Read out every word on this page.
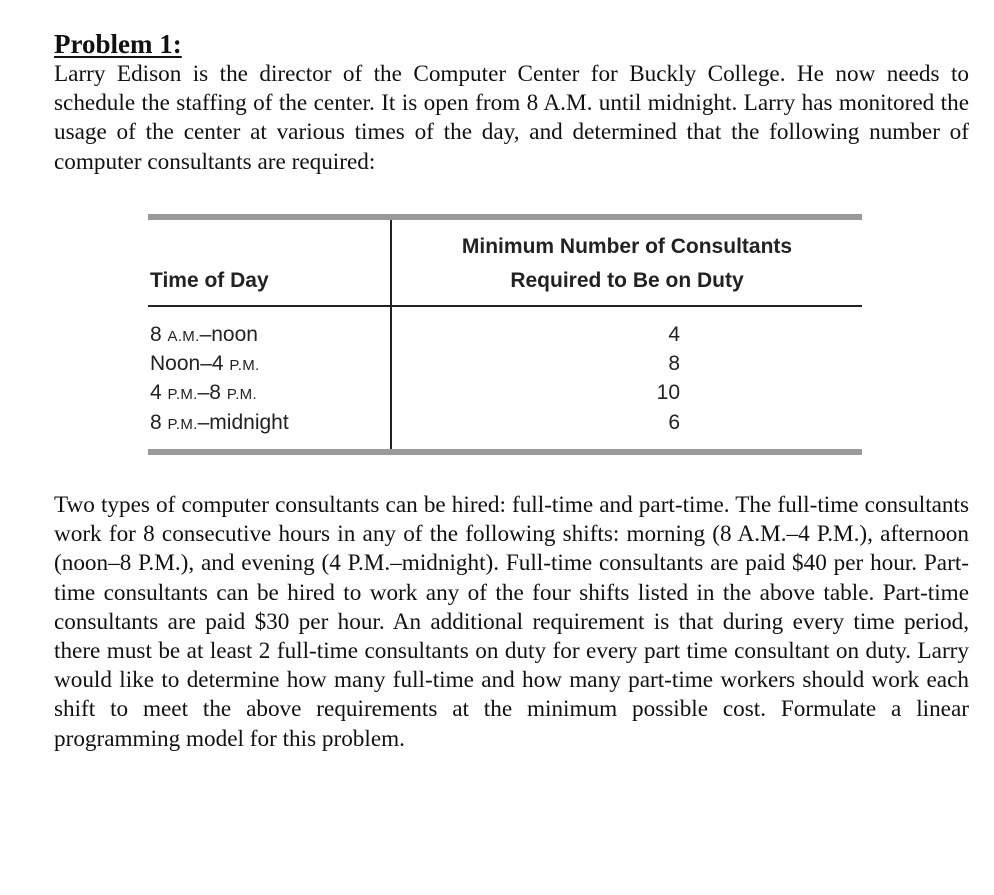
Problem 1:
Larry Edison is the director of the Computer Center for Buckly College. He now needs to schedule the staffing of the center. It is open from 8 A.M. until midnight. Larry has monitored the usage of the center at various times of the day, and determined that the following number of computer consultants are required:
Time of Day
Minimum Number of Consultants
Required to Be on Duty
8 A.M.–noon	4
Noon–4 P.M.	8
4 P.M.–8 P.M.	10
8 P.M.–midnight	6
Two types of computer consultants can be hired: full-time and part-time. The full-time consultants work for 8 consecutive hours in any of the following shifts: morning (8 A.M.–4 P.M.), afternoon (noon–8 P.M.), and evening (4 P.M.–midnight). Full-time consultants are paid $40 per hour. Part-time consultants can be hired to work any of the four shifts listed in the above table. Part-time consultants are paid $30 per hour. An additional requirement is that during every time period, there must be at least 2 full-time consultants on duty for every part time consultant on duty. Larry would like to determine how many full-time and how many part-time workers should work each shift to meet the above requirements at the minimum possible cost. Formulate a linear programming model for this problem.
